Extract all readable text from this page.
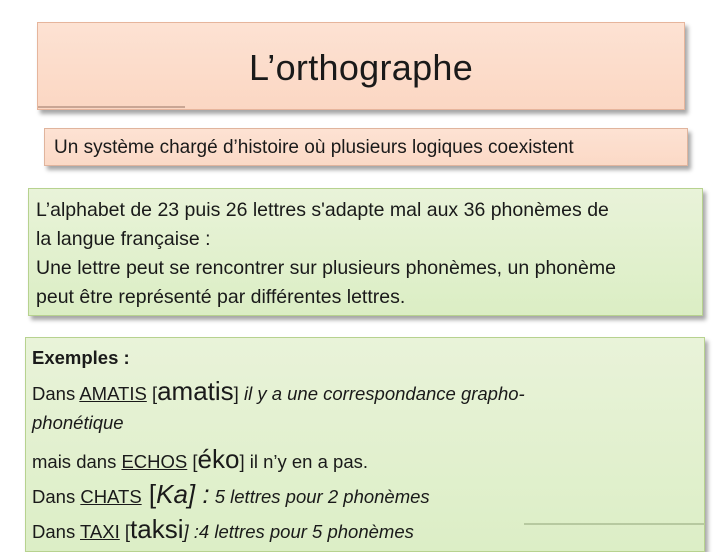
L’orthographe
Un système chargé d’histoire où plusieurs logiques coexistent
L’alphabet de 23 puis 26 lettres s'adapte mal aux 36 phonèmes de
la langue française :
Une lettre peut se rencontrer sur plusieurs phonèmes, un phonème
peut être représenté par différentes lettres.
Exemples :
Dans AMATIS [amatis] il y a une correspondance grapho-
phonétique
mais dans ECHOS [éko] il n’y en a pas.
Dans CHATS [Ka] : 5 lettres pour 2 phonèmes
Dans TAXI [taksi] :4 lettres pour 5 phonèmes
